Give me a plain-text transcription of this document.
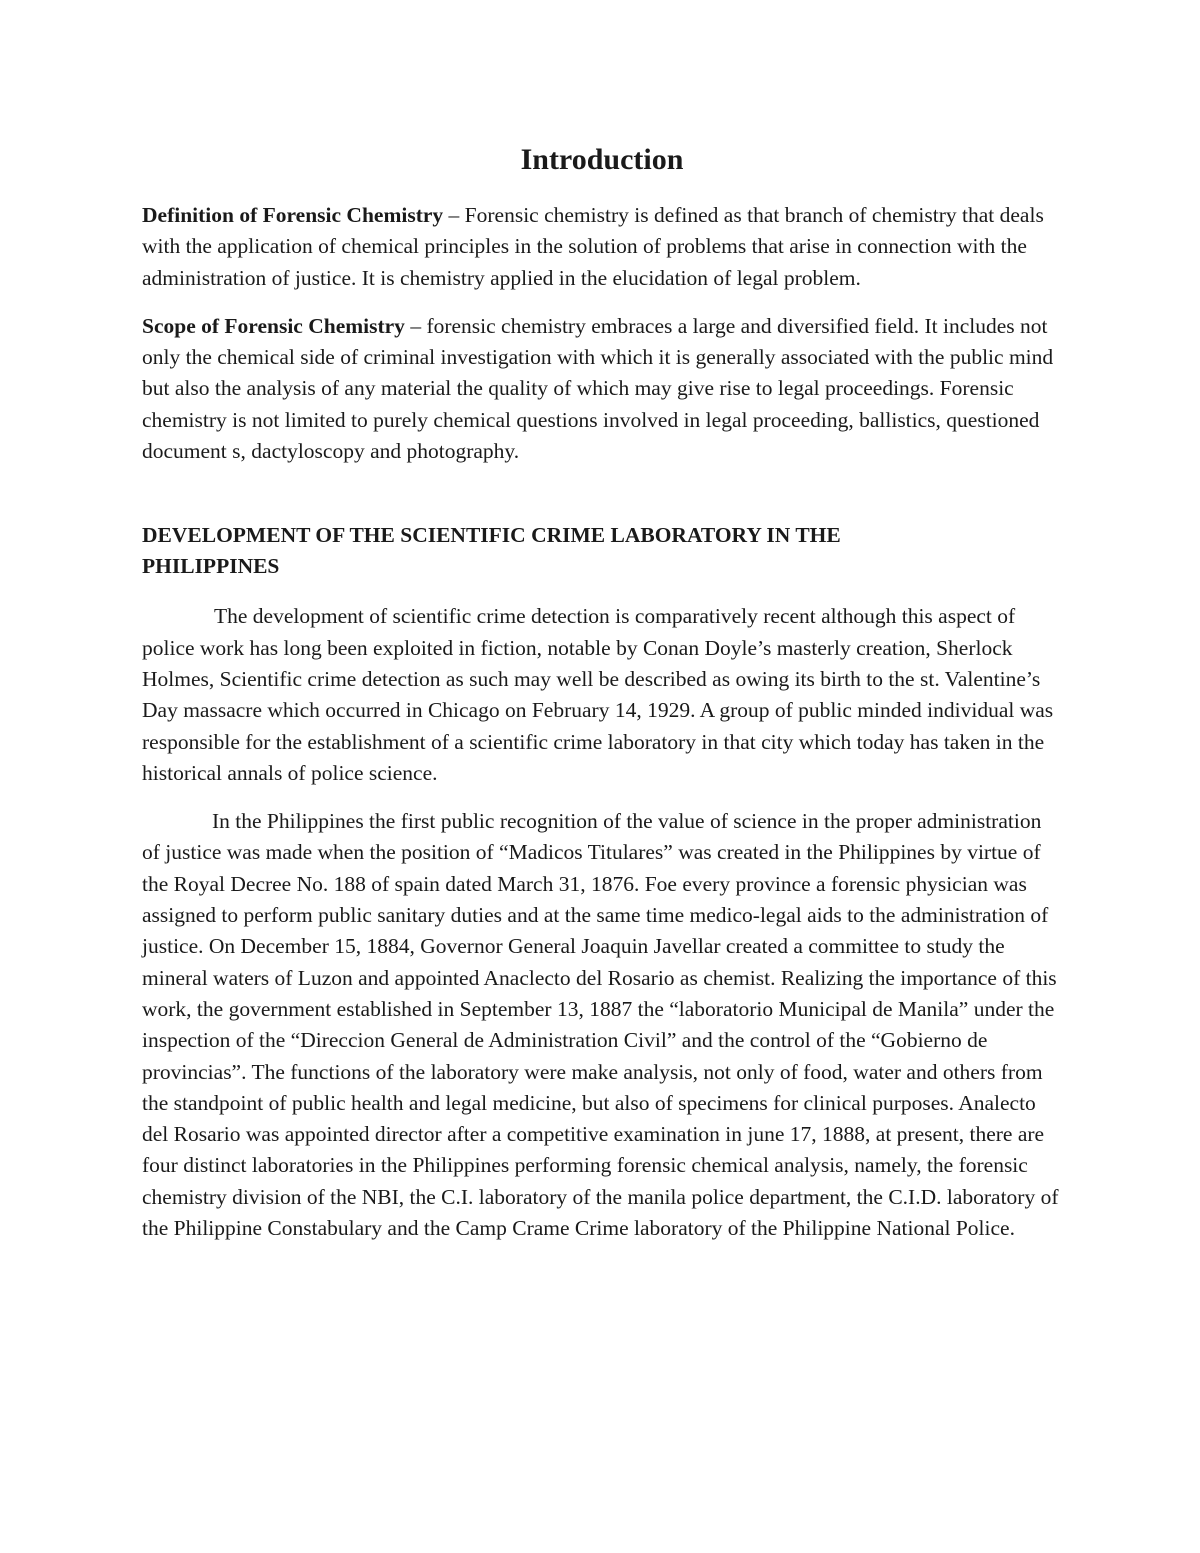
Introduction

Definition of Forensic Chemistry – Forensic chemistry is defined as that branch of chemistry that deals with the application of chemical principles in the solution of problems that arise in connection with the administration of justice. It is chemistry applied in the elucidation of legal problem.

Scope of Forensic Chemistry – forensic chemistry embraces a large and diversified field. It includes not only the chemical side of criminal investigation with which it is generally associated with the public mind but also the analysis of any material the quality of which may give rise to legal proceedings. Forensic chemistry is not limited to purely chemical questions involved in legal proceeding, ballistics, questioned document s, dactyloscopy and photography.

DEVELOPMENT OF THE SCIENTIFIC CRIME LABORATORY IN THE PHILIPPINES

The development of scientific crime detection is comparatively recent although this aspect of police work has long been exploited in fiction, notable by Conan Doyle’s masterly creation, Sherlock Holmes, Scientific crime detection as such may well be described as owing its birth to the st. Valentine’s Day massacre which occurred in Chicago on February 14, 1929. A group of public minded individual was responsible for the establishment of a scientific crime laboratory in that city which today has taken in the historical annals of police science.

In the Philippines the first public recognition of the value of science in the proper administration of justice was made when the position of “Madicos Titulares” was created in the Philippines by virtue of the Royal Decree No. 188 of spain dated March 31, 1876. Foe every province a forensic physician was assigned to perform public sanitary duties and at the same time medico-legal aids to the administration of justice. On December 15, 1884, Governor General Joaquin Javellar created a committee to study the mineral waters of Luzon and appointed Anaclecto del Rosario as chemist. Realizing the importance of this work, the government established in September 13, 1887 the “laboratorio Municipal de Manila” under the inspection of the “Direccion General de Administration Civil” and the control of the “Gobierno de provincias”. The functions of the laboratory were make analysis, not only of food, water and others from the standpoint of public health and legal medicine, but also of specimens for clinical purposes. Analecto del Rosario was appointed director after a competitive examination in june 17, 1888, at present, there are four distinct laboratories in the Philippines performing forensic chemical analysis, namely, the forensic chemistry division of the NBI, the C.I. laboratory of the manila police department, the C.I.D. laboratory of the Philippine Constabulary and the Camp Crame Crime laboratory of the Philippine National Police.
